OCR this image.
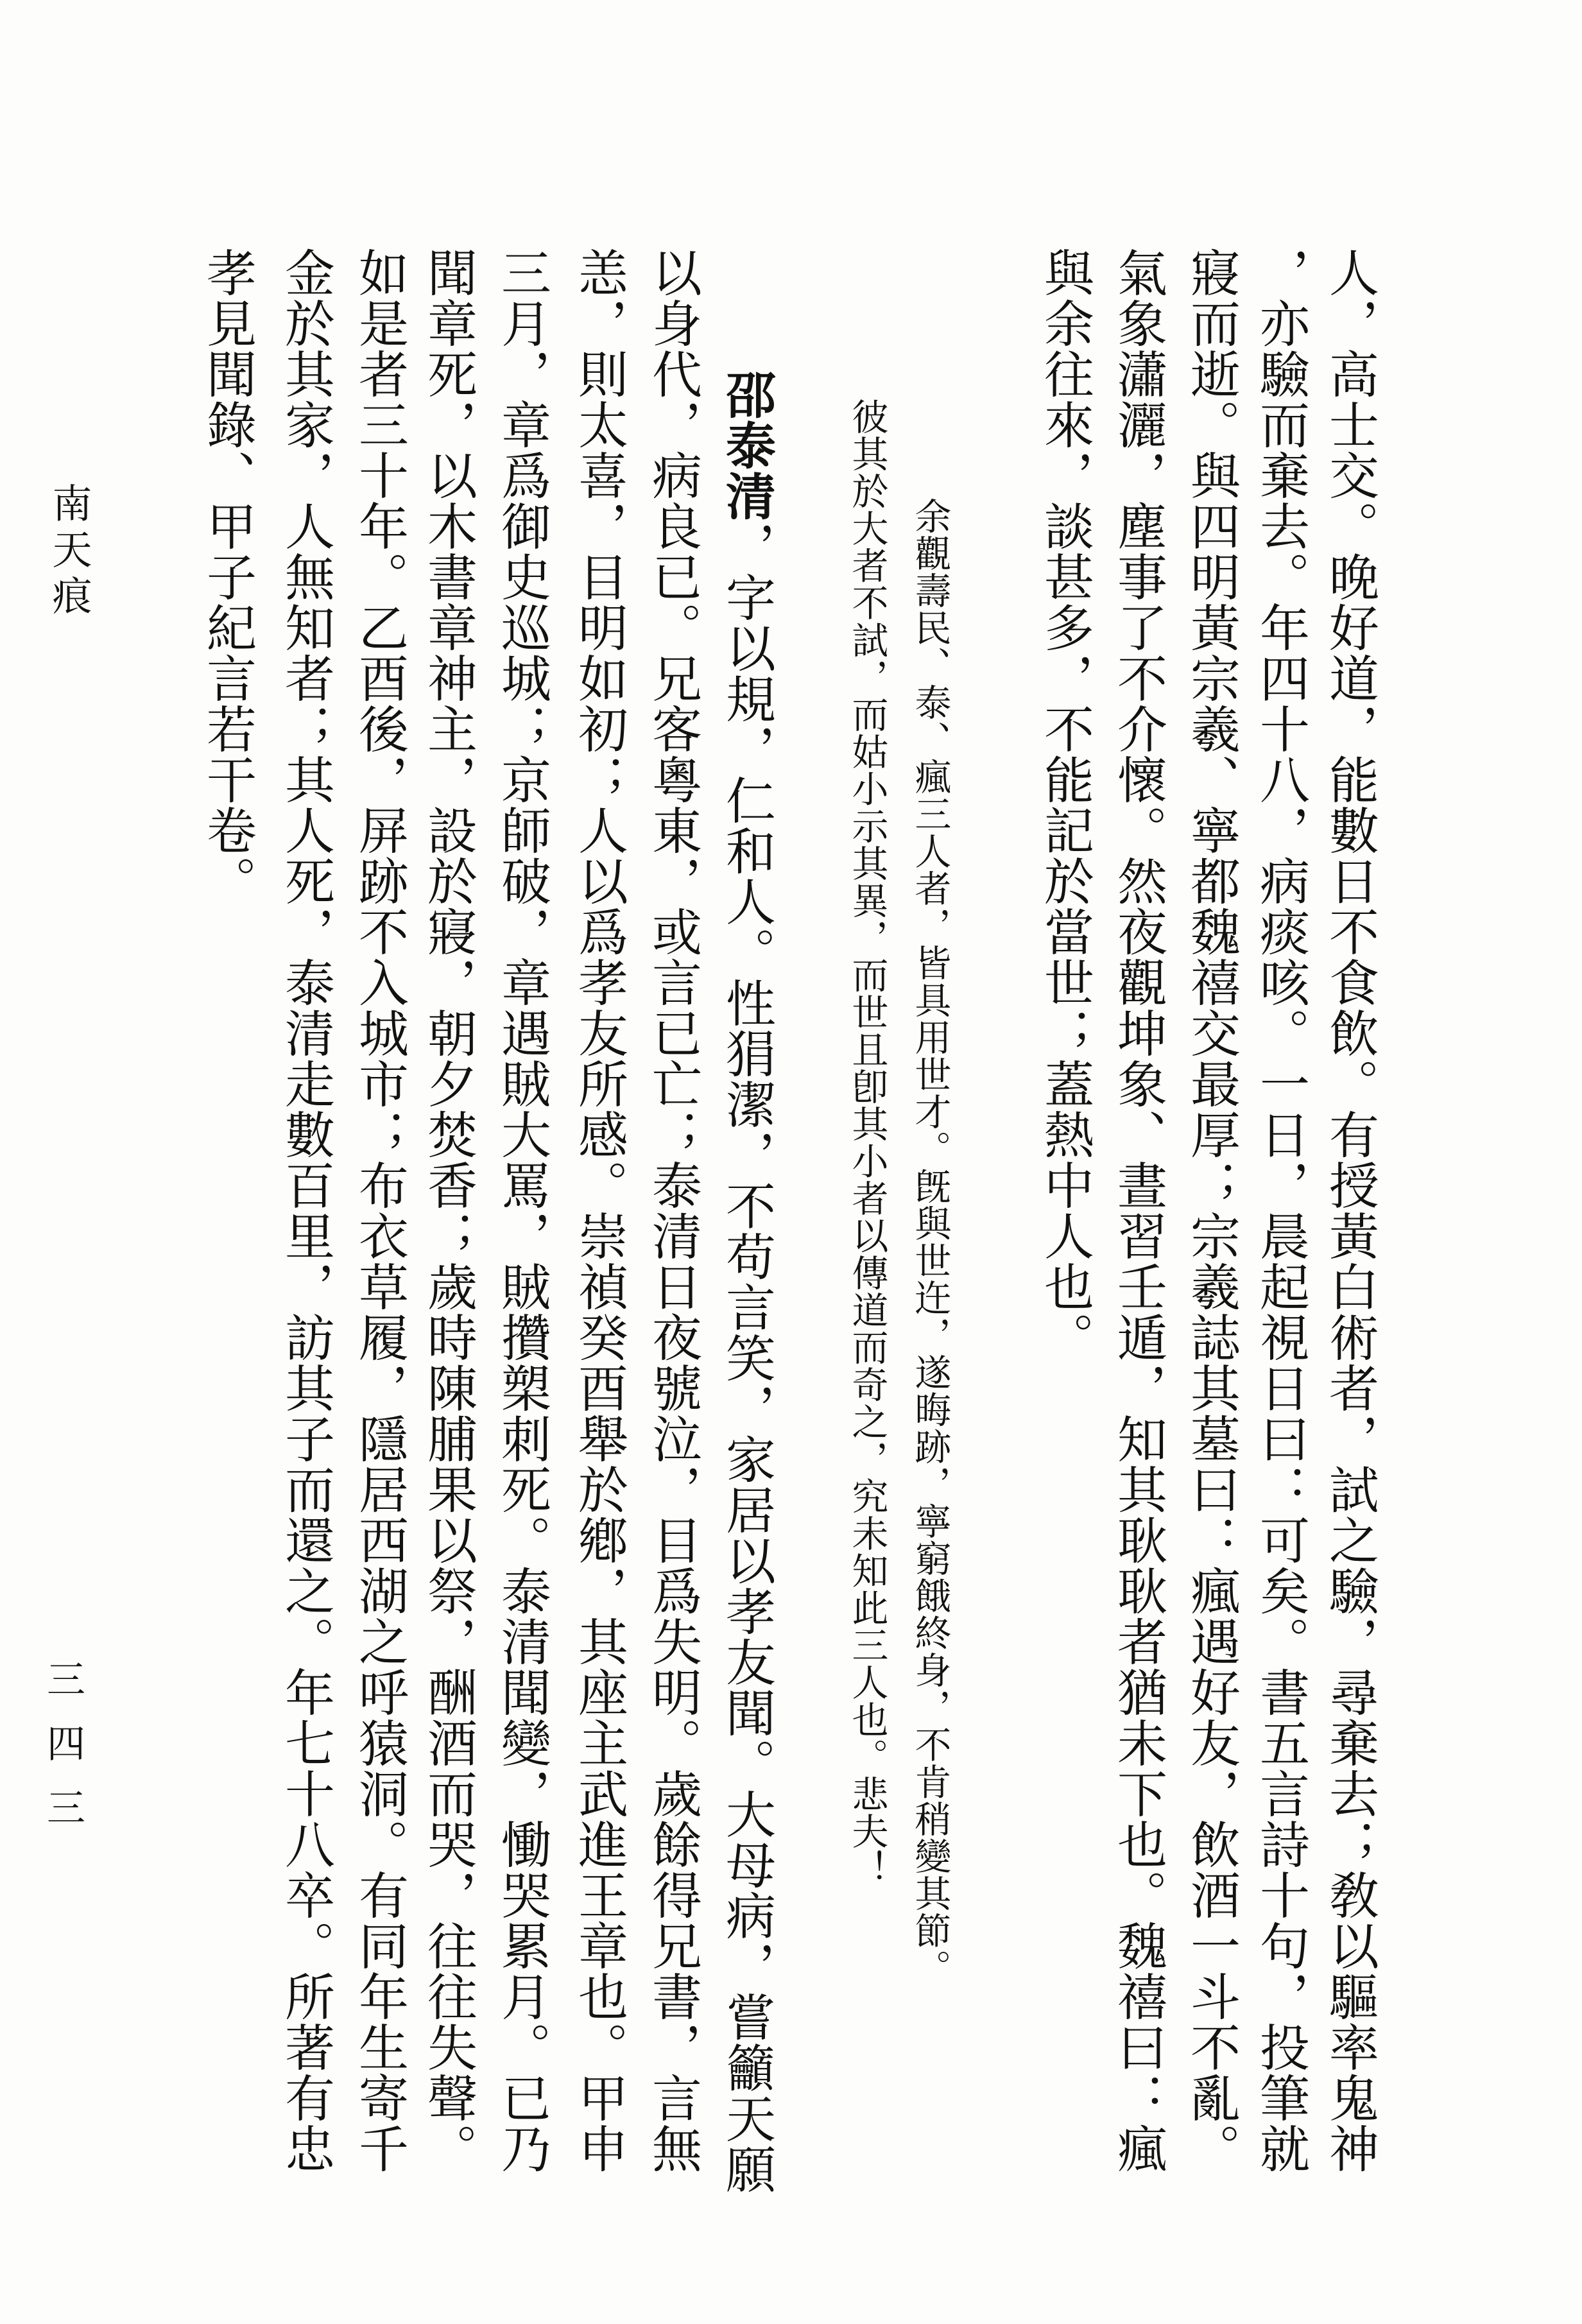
南天痕
三四三	人，高士交。晚好道，能數日不食飲。有授黃白術者，試之驗，尋棄去；敎以驅率鬼神
，亦驗而棄去。年四十八，病痰咳。一日，晨起視日曰：可矣。書五言詩十句，投筆就
寢而逝。與四明黃宗羲、寧都魏禧交最厚；宗羲誌其墓曰：瘋遇好友，飲酒一斗不亂。
氣象瀟灑，塵事了不介懷。然夜觀坤象、晝習壬遁，知其耿耿者猶未下也。魏禧曰：瘋
與余往來，談甚多，不能記於當世；蓋熱中人也。
余觀壽民、泰、瘋三人者，皆具用世才。旣與世迕，遂晦跡，寧窮餓終身，不肯稍變其節。
彼其於大者不試，而姑小示其異，而世且卽其小者以傳道而奇之，究未知此三人也。悲夫！
邵泰清，字以規，仁和人。性狷潔，不苟言笑，家居以孝友聞。大母病，嘗籲天願
以身代，病良已。兄客粵東，或言已亡；泰清日夜號泣，目爲失明。歲餘得兄書，言無
恙，則太喜，目明如初；人以爲孝友所感。崇禎癸酉舉於鄕，其座主武進王章也。甲申
三月，章爲御史巡城；京師破，章遇賊大罵，賊攢槊刺死。泰清聞變，慟哭累月。已乃
聞章死，以木書章神主，設於寢，朝夕焚香；歲時陳脯果以祭，酬酒而哭，往往失聲。
如是者三十年。乙酉後，屏跡不入城市；布衣草履，隱居西湖之呼猿洞。有同年生寄千
金於其家，人無知者；其人死，泰清走數百里，訪其子而還之。年七十八卒。所著有忠
孝見聞錄、甲子紀言若干卷。
